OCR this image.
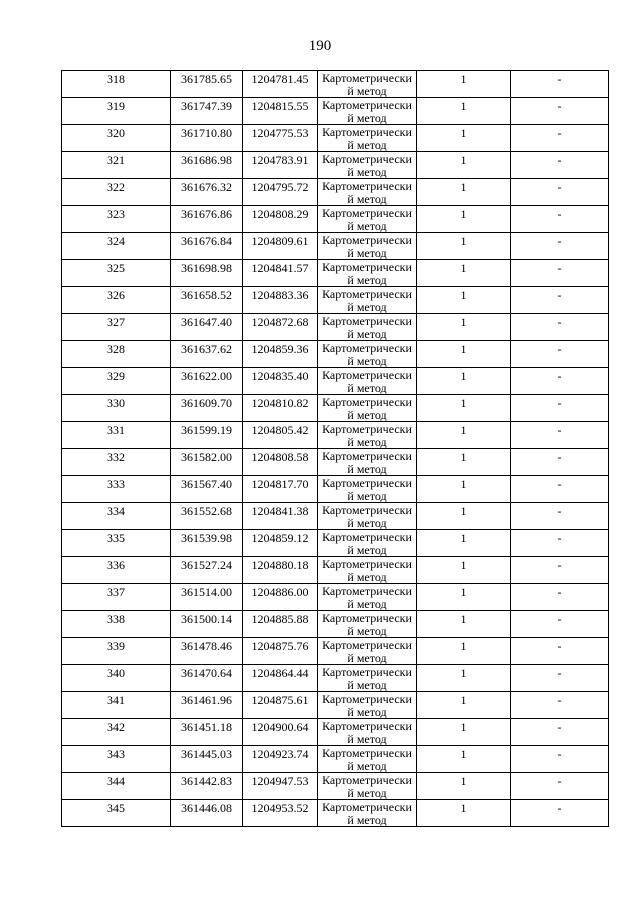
190
318	361785.65	1204781.45	Картометрически й метод	1	-

319	361747.39	1204815.55	Картометрически й метод	1	-

320	361710.80	1204775.53	Картометрически й метод	1	-

321	361686.98	1204783.91	Картометрически й метод	1	-

322	361676.32	1204795.72	Картометрически й метод	1	-

323	361676.86	1204808.29	Картометрически й метод	1	-

324	361676.84	1204809.61	Картометрически й метод	1	-

325	361698.98	1204841.57	Картометрически й метод	1	-

326	361658.52	1204883.36	Картометрически й метод	1	-

327	361647.40	1204872.68	Картометрически й метод	1	-

328	361637.62	1204859.36	Картометрически й метод	1	-

329	361622.00	1204835.40	Картометрически й метод	1	-

330	361609.70	1204810.82	Картометрически й метод	1	-

331	361599.19	1204805.42	Картометрически й метод	1	-

332	361582.00	1204808.58	Картометрически й метод	1	-

333	361567.40	1204817.70	Картометрически й метод	1	-

334	361552.68	1204841.38	Картометрически й метод	1	-

335	361539.98	1204859.12	Картометрически й метод	1	-

336	361527.24	1204880.18	Картометрически й метод	1	-

337	361514.00	1204886.00	Картометрически й метод	1	-

338	361500.14	1204885.88	Картометрически й метод	1	-

339	361478.46	1204875.76	Картометрически й метод	1	-

340	361470.64	1204864.44	Картометрически й метод	1	-

341	361461.96	1204875.61	Картометрически й метод	1	-

342	361451.18	1204900.64	Картометрически й метод	1	-

343	361445.03	1204923.74	Картометрически й метод	1	-

344	361442.83	1204947.53	Картометрически й метод	1	-

345	361446.08	1204953.52	Картометрически й метод	1	-
